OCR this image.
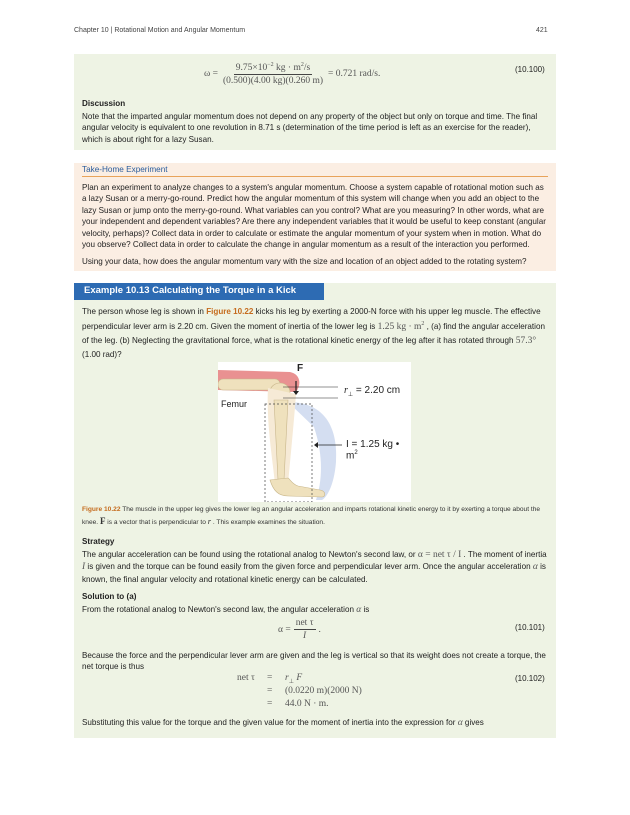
Chapter 10 | Rotational Motion and Angular Momentum	421
$\omega = \frac{9.75\times 10^{-2} kg \cdot m^2/s}{(0.500)(4.00 kg)(0.260 m)} = 0.721$ rad/s.	(10.100)
Discussion

Note that the imparted angular momentum does not depend on any property of the object but only on torque and time. The final angular velocity is equivalent to one revolution in 8.71 s (determination of the time period is left as an exercise for the reader), which is about right for a lazy Susan.

Take-Home Experiment

Plan an experiment to analyze changes to a system's angular momentum. Choose a system capable of rotational motion such as a lazy Susan or a merry-go-round. Predict how the angular momentum of this system will change when you add an object to the lazy Susan or jump onto the merry-go-round. What variables can you control? What are you measuring? In other words, what are your independent and dependent variables? Are there any independent variables that it would be useful to keep constant (angular velocity, perhaps)? Collect data in order to calculate or estimate the angular momentum of your system when in motion. What do you observe? Collect data in order to calculate the change in angular momentum as a result of the interaction you performed.

Using your data, how does the angular momentum vary with the size and location of an object added to the rotating system?

Example 10.13 Calculating the Torque in a Kick

The person whose leg is shown in Figure 10.22 kicks his leg by exerting a 2000-N force with his upper leg muscle. The effective perpendicular lever arm is 2.20 cm. Given the moment of inertia of the lower leg is 1.25 kg · $m^2$ , (a) find the angular acceleration of the leg. (b) Neglecting the gravitational force, what is the rotational kinetic energy of the leg after it has rotated through 57.3° (1.00 rad)?

F
$r_\perp = 2.20$ cm
Femur
I = 1.25 kg • $m^2$

Figure 10.22 The muscle in the upper leg gives the lower leg an angular acceleration and imparts rotational kinetic energy to it by exerting a torque about the knee. F is a vector that is perpendicular to r . This example examines the situation.

Strategy

The angular acceleration can be found using the rotational analog to Newton's second law, or α = net τ / I . The moment of inertia I is given and the torque can be found easily from the given force and perpendicular lever arm. Once the angular acceleration α is known, the final angular velocity and rotational kinetic energy can be calculated.

Solution to (a)

From the rotational analog to Newton's second law, the angular acceleration α is

$\alpha = \frac{\text{net τ}}{I}$ .	(10.101)

Because the force and the perpendicular lever arm are given and the leg is vertical so that its weight does not create a torque, the net torque is thus

net $\tau = r_\perp$ F
= (0.0220 m)(2000 N)
= 44.0 N · m.
(10.102)

Substituting this value for the torque and the given value for the moment of inertia into the expression for α gives
